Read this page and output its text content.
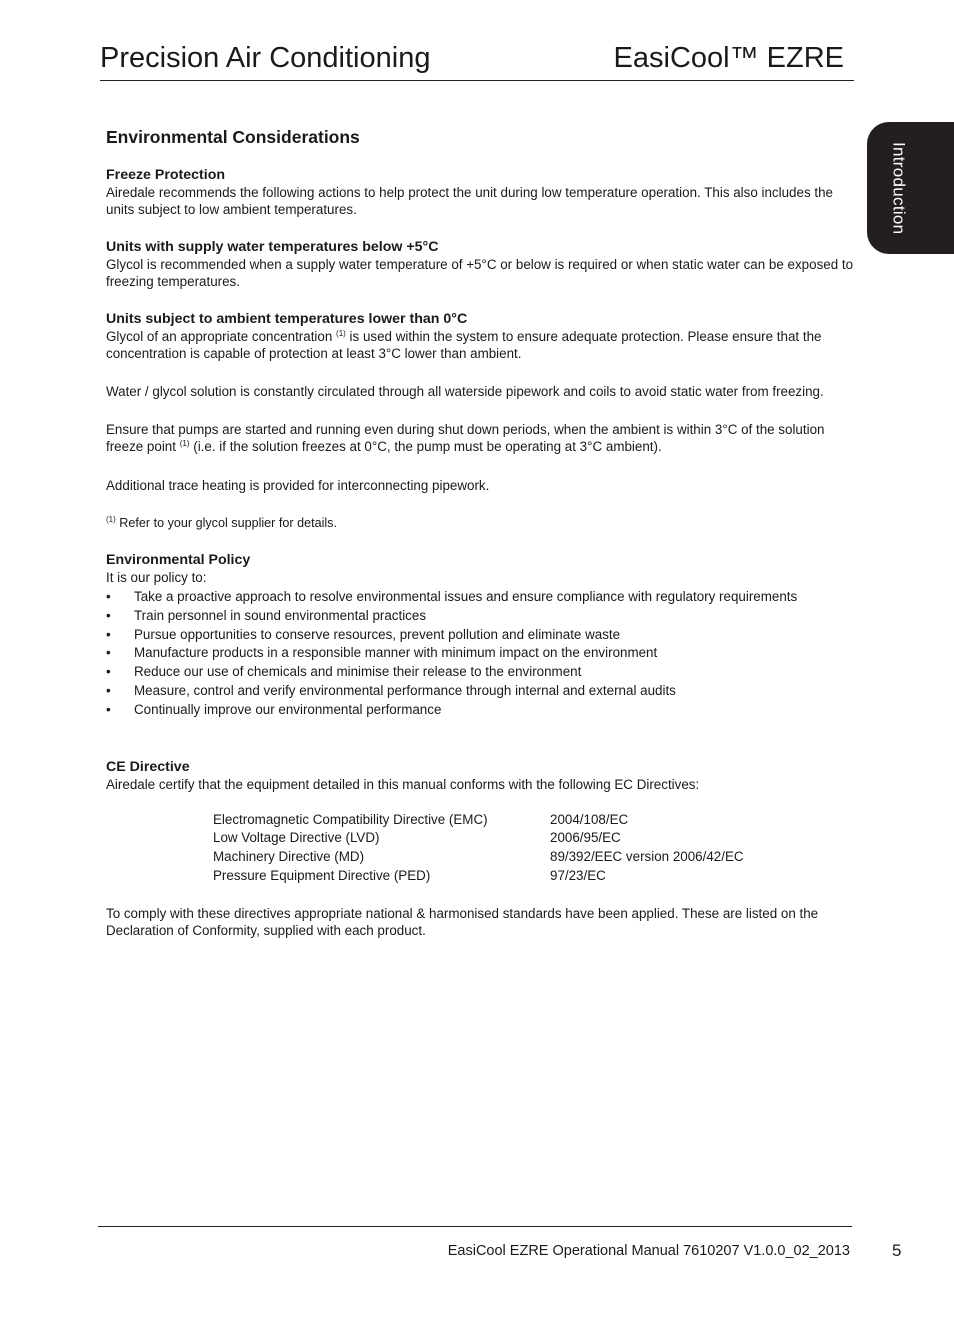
Precision Air Conditioning	EasiCool™ EZRE
Introduction
Environmental Considerations
Freeze Protection

Airedale recommends the following actions to help protect the unit during low temperature operation. This also includes the units subject to low ambient temperatures.

Units with supply water temperatures below +5°C

Glycol is recommended when a supply water temperature of +5°C or below is required or when static water can be exposed to freezing temperatures.

Units subject to ambient temperatures lower than 0°C

Glycol of an appropriate concentration $^{(1)}$ is used within the system to ensure adequate protection. Please ensure that the concentration is capable of protection at least 3°C lower than ambient.

Water / glycol solution is constantly circulated through all waterside pipework and coils to avoid static water from freezing.

Ensure that pumps are started and running even during shut down periods, when the ambient is within 3°C of the solution freeze point $^{(1)}$ (i.e. if the solution freezes at 0°C, the pump must be operating at 3°C ambient).

Additional trace heating is provided for interconnecting pipework.

$^{(1)}$ Refer to your glycol supplier for details.

Environmental Policy

It is our policy to:

• Take a proactive approach to resolve environmental issues and ensure compliance with regulatory requirements
• Train personnel in sound environmental practices
• Pursue opportunities to conserve resources, prevent pollution and eliminate waste
• Manufacture products in a responsible manner with minimum impact on the environment
• Reduce our use of chemicals and minimise their release to the environment
• Measure, control and verify environmental performance through internal and external audits
• Continually improve our environmental performance
CE Directive

Airedale certify that the equipment detailed in this manual conforms with the following EC Directives:

Electromagnetic Compatibility Directive (EMC)	2004/108/EC
Low Voltage Directive (LVD)	2006/95/EC
Machinery Directive (MD)	89/392/EEC version 2006/42/EC
Pressure Equipment Directive (PED)	97/23/EC

To comply with these directives appropriate national & harmonised standards have been applied. These are listed on the Declaration of Conformity, supplied with each product.

EasiCool EZRE Operational Manual 7610207 V1.0.0_02_2013 5
